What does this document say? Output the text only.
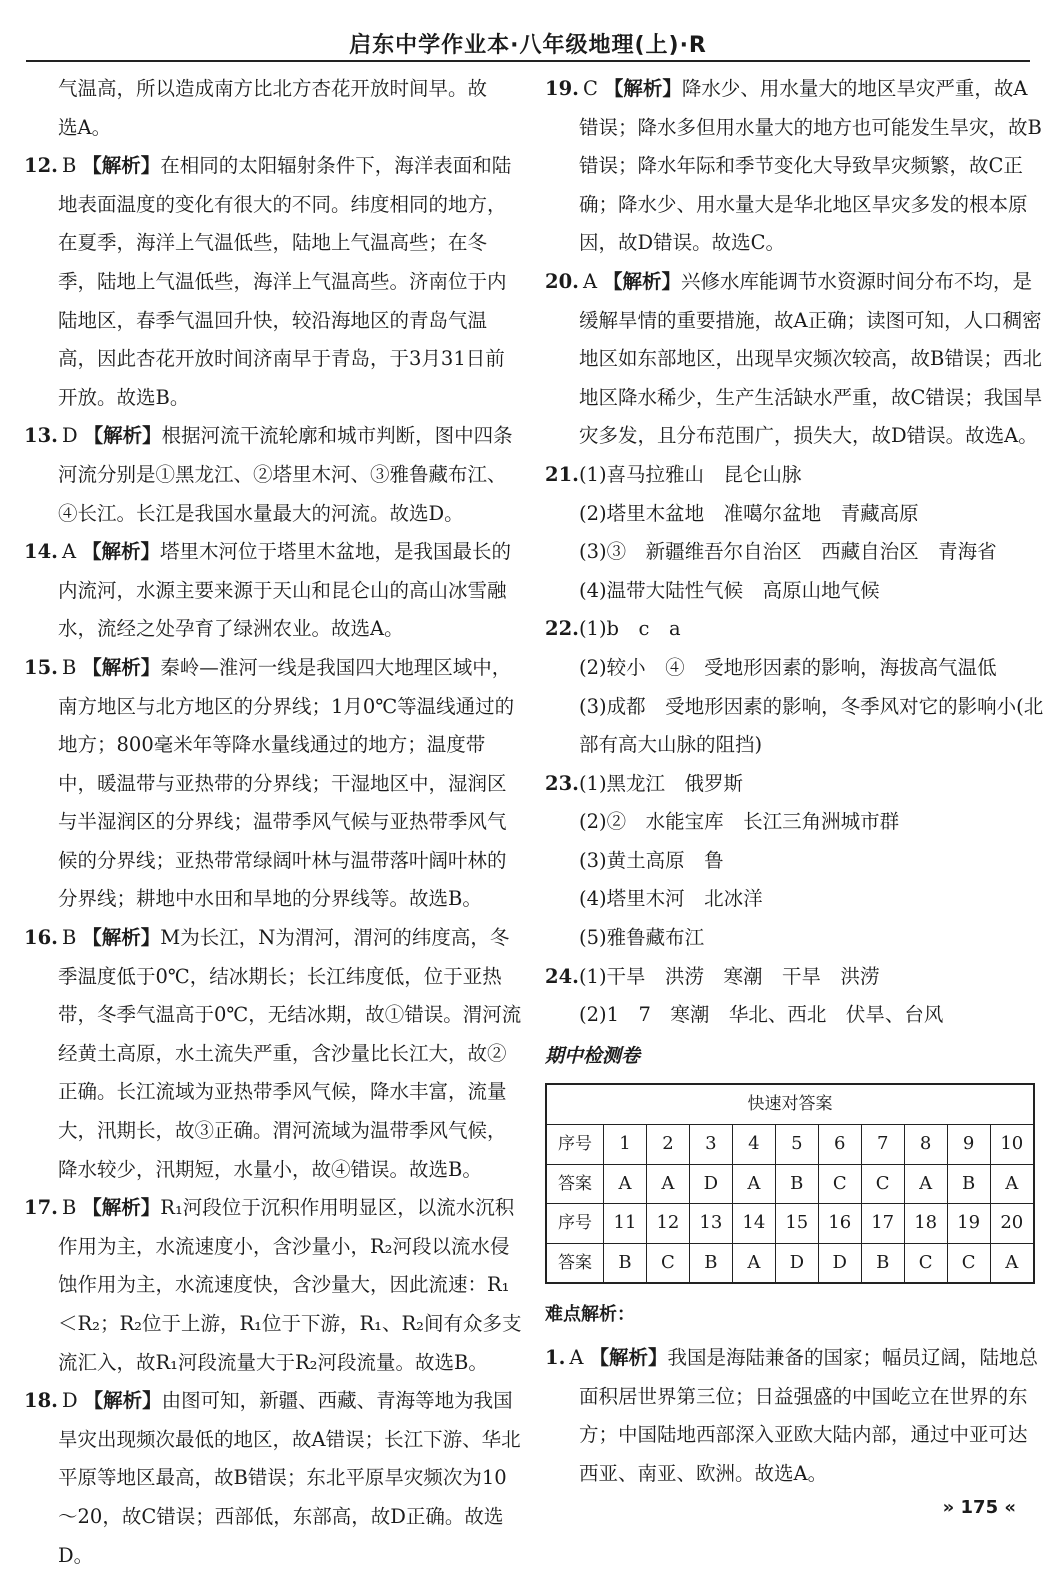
启东中学作业本·八年级地理(上)·R

气温高，所以造成南方比北方杏花开放时间早。故

选A。

12. B 【解析】在相同的太阳辐射条件下，海洋表面和陆地表面温度的变化有很大的不同。纬度相同的地方，在夏季，海洋上气温低些，陆地上气温高些；在冬季，陆地上气温低些，海洋上气温高些。济南位于内陆地区，春季气温回升快，较沿海地区的青岛气温高，因此杏花开放时间济南早于青岛，于3月31日前开放。故选B。

13. D 【解析】根据河流干流轮廓和城市判断，图中四条河流分别是①黑龙江、②塔里木河、③雅鲁藏布江、④长江。长江是我国水量最大的河流。故选D。

14. A 【解析】塔里木河位于塔里木盆地，是我国最长的内流河，水源主要来源于天山和昆仑山的高山冰雪融水，流经之处孕育了绿洲农业。故选A。

15. B 【解析】秦岭—淮河一线是我国四大地理区域中，南方地区与北方地区的分界线；1月0℃等温线通过的地方；800毫米年等降水量线通过的地方；温度带中，暖温带与亚热带的分界线；干湿地区中，湿润区与半湿润区的分界线；温带季风气候与亚热带季风气候的分界线；亚热带常绿阔叶林与温带落叶阔叶林的分界线；耕地中水田和旱地的分界线等。故选B。

16. B 【解析】M为长江，N为渭河，渭河的纬度高，冬季温度低于0℃，结冰期长；长江纬度低，位于亚热带，冬季气温高于0℃，无结冰期，故①错误。渭河流经黄土高原，水土流失严重，含沙量比长江大，故②正确。长江流域为亚热带季风气候，降水丰富，流量大，汛期长，故③正确。渭河流域为温带季风气候，降水较少，汛期短，水量小，故④错误。故选B。

17. B 【解析】R₁河段位于沉积作用明显区，以流水沉积作用为主，水流速度小，含沙量小，R₂河段以流水侵蚀作用为主，水流速度快，含沙量大，因此流速：R₁＜R₂；R₂位于上游，R₁位于下游，R₁、R₂间有众多支流汇入，故R₁河段流量大于R₂河段流量。故选B。

18. D 【解析】由图可知，新疆、西藏、青海等地为我国旱灾出现频次最低的地区，故A错误；长江下游、华北平原等地区最高，故B错误；东北平原旱灾频次为10～20，故C错误；西部低，东部高，故D正确。故选D。

19. C 【解析】降水少、用水量大的地区旱灾严重，故A错误；降水多但用水量大的地方也可能发生旱灾，故B错误；降水年际和季节变化大导致旱灾频繁，故C正确；降水少、用水量大是华北地区旱灾多发的根本原因，故D错误。故选C。

20. A 【解析】兴修水库能调节水资源时间分布不均，是缓解旱情的重要措施，故A正确；读图可知，人口稠密地区如东部地区，出现旱灾频次较高，故B错误；西北地区降水稀少，生产生活缺水严重，故C错误；我国旱灾多发，且分布范围广，损失大，故D错误。故选A。

21.(1)喜马拉雅山　昆仑山脉

(2)塔里木盆地　准噶尔盆地　青藏高原

(3)③　新疆维吾尔自治区　西藏自治区　青海省

(4)温带大陆性气候　高原山地气候

22.(1)b　c　a

(2)较小　④　受地形因素的影响，海拔高气温低

(3)成都　受地形因素的影响，冬季风对它的影响小(北部有高大山脉的阻挡)

23.(1)黑龙江　俄罗斯

(2)②　水能宝库　长江三角洲城市群

(3)黄土高原　鲁

(4)塔里木河　北冰洋

(5)雅鲁藏布江

24.(1)干旱　洪涝　寒潮　干旱　洪涝

(2)1　7　寒潮　华北、西北　伏旱、台风

期中检测卷
快速对答案										
序号	1	2	3	4	5	6	7	8	9	10
答案	A	A	D	A	B	C	C	A	B	A
序号	11	12	13	14	15	16	17	18	19	20
答案	B	C	B	A	D	D	B	C	C	A
难点解析：

1. A 【解析】我国是海陆兼备的国家；幅员辽阔，陆地总面积居世界第三位；日益强盛的中国屹立在世界的东方；中国陆地西部深入亚欧大陆内部，通过中亚可达西亚、南亚、欧洲。故选A。

» 175 «
